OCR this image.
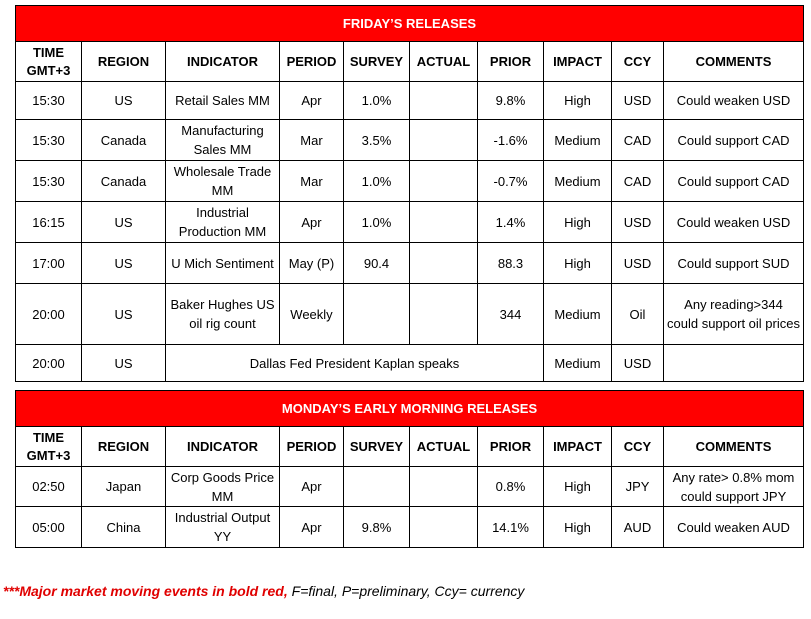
FRIDAY’S RELEASES									
TIME
GMT+3	REGION	INDICATOR	PERIOD	SURVEY	ACTUAL	PRIOR	IMPACT	CCY	COMMENTS
15:30	US	Retail Sales MM	Apr	1.0%		9.8%	High	USD	Could weaken USD
15:30	Canada	Manufacturing Sales MM	Mar	3.5%		-1.6%	Medium	CAD	Could support CAD
15:30	Canada	Wholesale Trade MM	Mar	1.0%		-0.7%	Medium	CAD	Could support CAD
16:15	US	Industrial Production MM	Apr	1.0%		1.4%	High	USD	Could weaken USD
17:00	US	U Mich Sentiment	May (P)	90.4		88.3	High	USD	Could support SUD
20:00	US	Baker Hughes US oil rig count	Weekly			344	Medium	Oil	Any reading>344 could support oil prices
20:00	US	Dallas Fed President Kaplan speaks					Medium	USD	
MONDAY’S EARLY MORNING RELEASES									
TIME
GMT+3	REGION	INDICATOR	PERIOD	SURVEY	ACTUAL	PRIOR	IMPACT	CCY	COMMENTS
02:50	Japan	Corp Goods Price MM	Apr			0.8%	High	JPY	Any rate> 0.8% mom could support JPY
05:00	China	Industrial Output YY	Apr	9.8%		14.1%	High	AUD	Could weaken AUD
***Major market moving events in bold red, F=final, P=preliminary, Ccy= currency
